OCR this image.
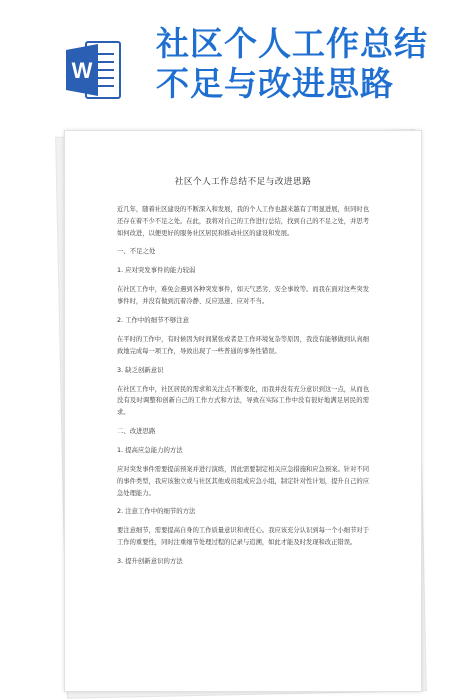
W
社区个人工作总结
不足与改进思路
社区个人工作总结不足与改进思路

近几年，随着社区建设的不断深入和发展，我的个人工作也越来越有了明显进展，但同时也还存在着不少不足之处。在此，我将对自己的工作进行总结，找到自己的不足之处，并思考如何改进，以便更好的服务社区居民和推动社区的建设和发展。

一、不足之处
1. 应对突发事件的能力较弱

在社区工作中，难免会遇到各种突发事件，如天气恶劣、安全事故等。而我在面对这些突发事件时，并没有做到沉着冷静、反应迅速、应对不当。

2. 工作中的细节不够注意

在平时的工作中，有时候因为时间紧张或者是工作环境复杂等原因，我没有能够做到认真细致地完成每一项工作，导致出现了一些普通的事务性错误。

3. 缺乏创新意识

在社区工作中，社区居民的需求和关注点不断变化，而我并没有充分意识到这一点，从而也没有及时调整和创新自己的工作方式和方法，导致在实际工作中没有很好地满足居民的需求。

二、改进思路
1. 提高应急能力的方法

应对突发事件需要提前预案并进行演练，因此需要制定相关应急措施和应急预案。针对不同的事件类型，我应该独立或与社区其他成员组成应急小组，制定针对性计划，提升自己的应急处理能力。

2. 注意工作中的细节的方法

要注意细节，需要提高自身的工作质量意识和责任心。我应该充分认识到每一个小细节对于工作的重要性，同时注重细节处理过程的记录与追溯，如此才能及时发现和改正错误。

3. 提升创新意识的方法
